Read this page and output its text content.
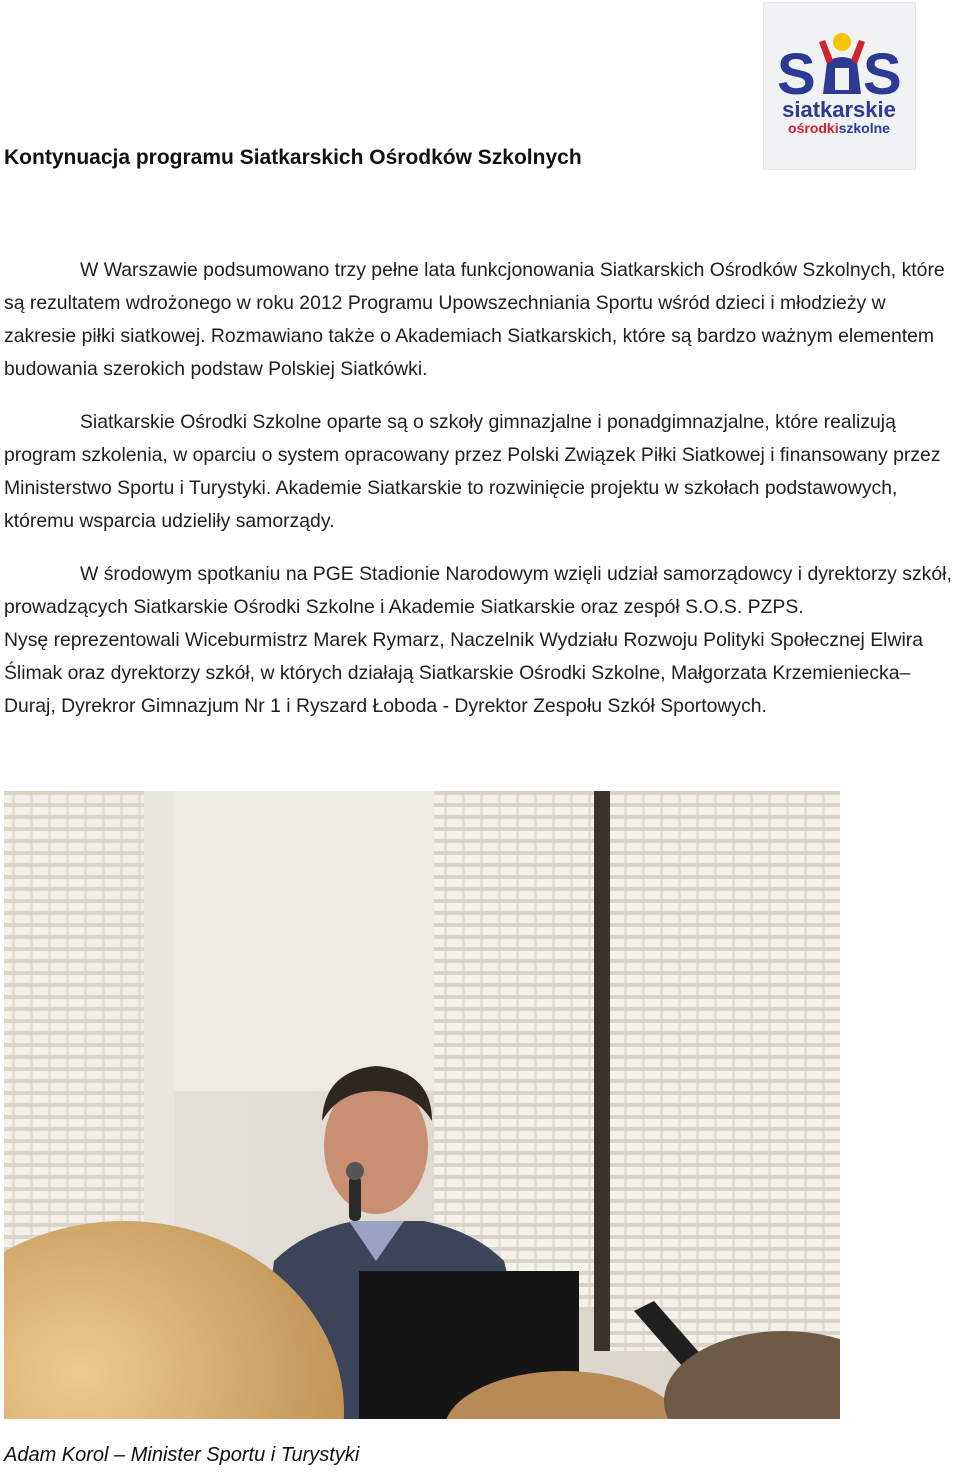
S S
siatkarskie
ośrodkiszkolne
Kontynuacja programu Siatkarskich Ośrodków Szkolnych

W Warszawie podsumowano trzy pełne lata funkcjonowania Siatkarskich Ośrodków Szkolnych, które są rezultatem wdrożonego w roku 2012 Programu Upowszechniania Sportu wśród dzieci i młodzieży w zakresie piłki siatkowej. Rozmawiano także o Akademiach Siatkarskich, które są bardzo ważnym elementem budowania szerokich podstaw Polskiej Siatkówki.

Siatkarskie Ośrodki Szkolne oparte są o szkoły gimnazjalne i ponadgimnazjalne, które realizują program szkolenia, w oparciu o system opracowany przez Polski Związek Piłki Siatkowej i finansowany przez Ministerstwo Sportu i Turystyki. Akademie Siatkarskie to rozwinięcie projektu w szkołach podstawowych, któremu wsparcia udzieliły samorządy.

W środowym spotkaniu na PGE Stadionie Narodowym wzięli udział samorządowcy i dyrektorzy szkół, prowadzących Siatkarskie Ośrodki Szkolne i Akademie Siatkarskie oraz zespół S.O.S. PZPS.

Nysę reprezentowali Wiceburmistrz Marek Rymarz, Naczelnik Wydziału Rozwoju Polityki Społecznej Elwira Ślimak oraz dyrektorzy szkół, w których działają Siatkarskie Ośrodki Szkolne, Małgorzata Krzemieniecka–Duraj, Dyrekror Gimnazjum Nr 1 i Ryszard Łoboda - Dyrektor Zespołu Szkół Sportowych.

Adam Korol – Minister Sportu i Turystyki
